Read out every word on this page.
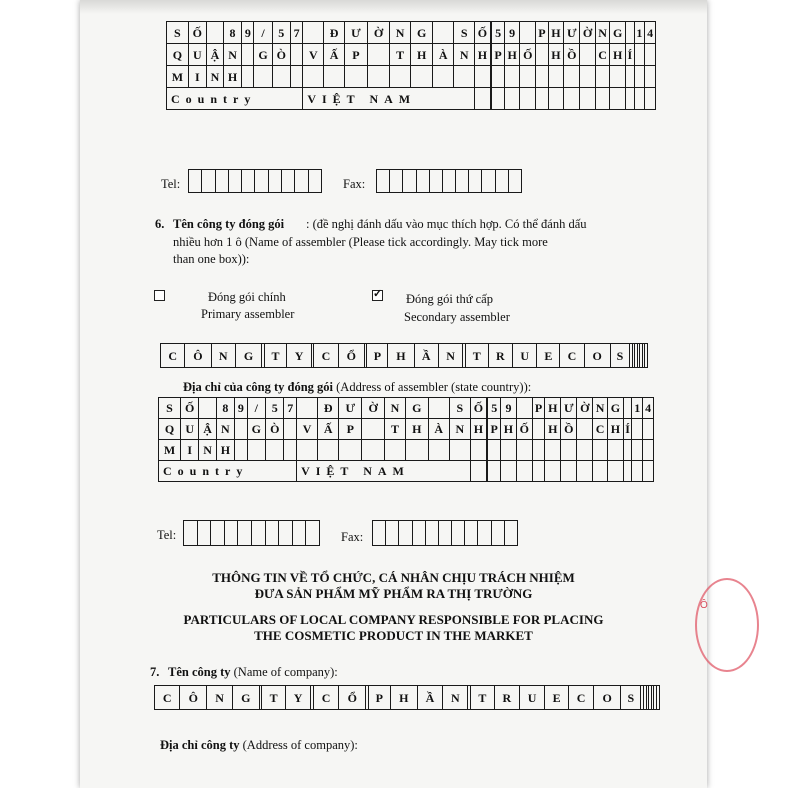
S	Ố		8	9	/	5	7		Đ	Ư	Ờ	N	G		S	Ố		5	9		P	H	Ư	Ờ	N	G		1	4
Q	U	Ậ	N		G	Ò		V	Ấ	P		T	H	À	N	H		P	H	Ố		H	Ồ		C	H	Í		
M	I	N	H																										
Country								VIỆT NAM																				
Tel:
										Fax:

6. Tên công ty đóng gói : (đề nghị đánh dấu vào mục thích hợp. Có thể đánh dấu
nhiều hơn 1 ô (Name of assembler (Please tick accordingly. May tick more
than one box)):
Đóng gói chính
Primary assembler
✓
Đóng gói thứ cấp
Secondary assembler
C	Ô	N	G		T	Y		C	Ổ		P	H	Ầ	N		T	R	U	E	C	O	S							
Địa chỉ của công ty đóng gói (Address of assembler (state country)):
S	Ố		8	9	/	5	7		Đ	Ư	Ờ	N	G		S	Ố		5	9		P	H	Ư	Ờ	N	G		1	4
Q	U	Ậ	N		G	Ò		V	Ấ	P		T	H	À	N	H		P	H	Ố		H	Ồ		C	H	Í		
M	I	N	H																										
Country								VIỆT NAM																				
Tel:
										Fax:

THÔNG TIN VỀ TỔ CHỨC, CÁ NHÂN CHỊU TRÁCH NHIỆM
ĐƯA SẢN PHẨM MỸ PHẨM RA THỊ TRƯỜNG
PARTICULARS OF LOCAL COMPANY RESPONSIBLE FOR PLACING
THE COSMETIC PRODUCT IN THE MARKET
7. Tên công ty (Name of company):
C	Ô	N	G		T	Y		C	Ổ		P	H	Ầ	N		T	R	U	E	C	O	S							
Địa chỉ công ty (Address of company):
Ô
